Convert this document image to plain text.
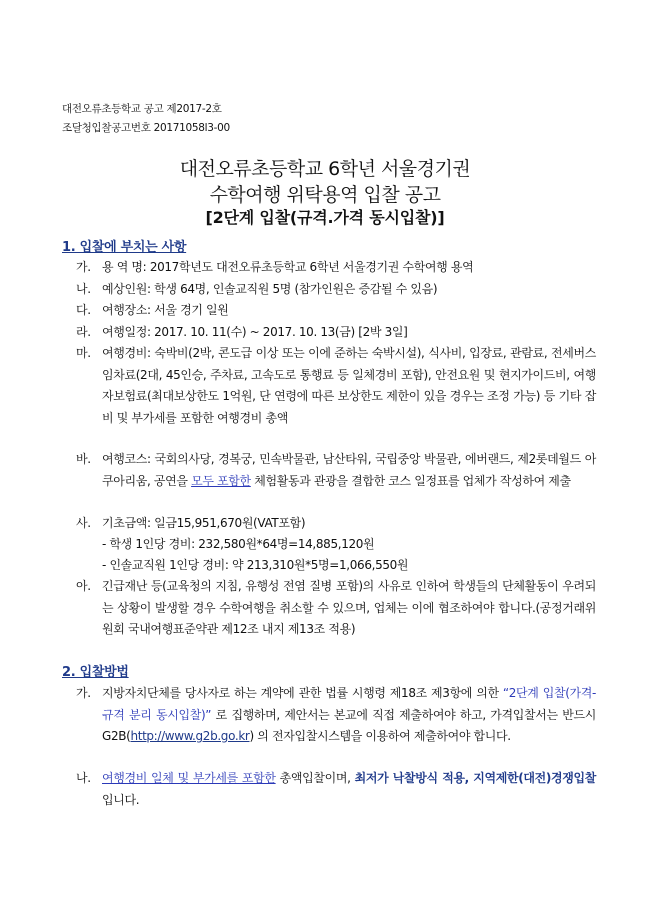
대전오류초등학교 공고 제2017-2호
조달청입찰공고번호 20171058l3-00
대전오류초등학교 6학년 서울경기권
수학여행 위탁용역 입찰 공고
[2단계 입찰(규격.가격 동시입찰)]
1. 입찰에 부치는 사항
가. 용 역 명: 2017학년도 대전오류초등학교 6학년 서울경기권 수학여행 용역
나. 예상인원: 학생 64명, 인솔교직원 5명 (참가인원은 증감될 수 있음)
다. 여행장소: 서울 경기 일원
라. 여행일정: 2017. 10. 11(수) ~ 2017. 10. 13(금) [2박 3일]
마. 여행경비: 숙박비(2박, 콘도급 이상 또는 이에 준하는 숙박시설), 식사비, 입장료, 관람료, 전세버스임차료(2대, 45인승, 주차료, 고속도로 통행료 등 일체경비 포함), 안전요원 및 현지가이드비, 여행자보험료(최대보상한도 1억원, 단 연령에 따른 보상한도 제한이 있을 경우는 조정 가능) 등 기타 잡비 및 부가세를 포함한 여행경비 총액
바. 여행코스: 국회의사당, 경복궁, 민속박물관, 남산타워, 국립중앙 박물관, 에버랜드, 제2롯데월드 아쿠아리움, 공연을 모두 포함한 체험활동과 관광을 결합한 코스 일정표를 업체가 작성하여 제출
사. 기초금액: 일금15,951,670원(VAT포함)
- 학생 1인당 경비: 232,580원*64명=14,885,120원
- 인솔교직원 1인당 경비: 약 213,310원*5명=1,066,550원
아. 긴급재난 등(교육청의 지침, 유행성 전염 질병 포함)의 사유로 인하여 학생들의 단체활동이 우려되는 상황이 발생할 경우 수학여행을 취소할 수 있으며, 업체는 이에 협조하여야 합니다.(공정거래위원회 국내여행표준약관 제12조 내지 제13조 적용)
2. 입찰방법
가. 지방자치단체를 당사자로 하는 계약에 관한 법률 시행령 제18조 제3항에 의한 “2단계 입찰(가격-규격 분리 동시입찰)” 로 집행하며, 제안서는 본교에 직접 제출하여야 하고, 가격입찰서는 반드시 G2B(http://www.g2b.go.kr) 의 전자입찰시스템을 이용하여 제출하여야 합니다.
나. 여행경비 일체 및 부가세를 포함한 총액입찰이며, 최저가 낙찰방식 적용, 지역제한(대전)경쟁입찰입니다.
